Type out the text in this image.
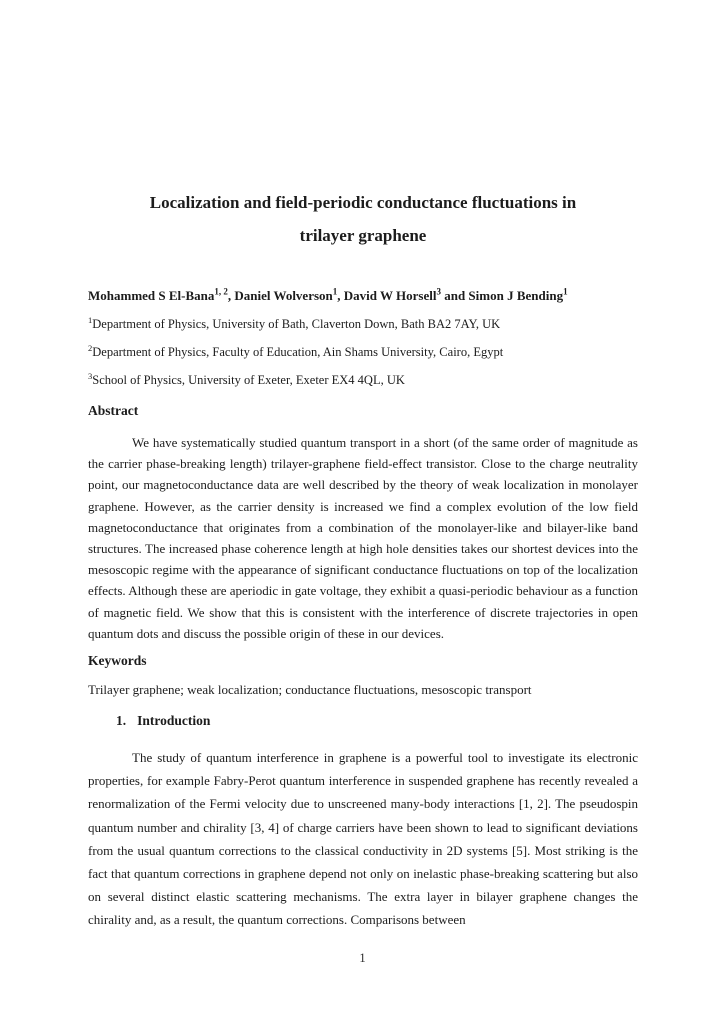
Localization and field-periodic conductance fluctuations in
trilayer graphene

Mohammed S El-Bana$^{1, 2}$, Daniel Wolverson$^1$, David W Horsell$^3$ and Simon J Bending$^1$

$^1$Department of Physics, University of Bath, Claverton Down, Bath BA2 7AY, UK

$^2$Department of Physics, Faculty of Education, Ain Shams University, Cairo, Egypt

$^3$School of Physics, University of Exeter, Exeter EX4 4QL, UK

Abstract

We have systematically studied quantum transport in a short (of the same order of magnitude as the carrier phase-breaking length) trilayer-graphene field-effect transistor. Close to the charge neutrality point, our magnetoconductance data are well described by the theory of weak localization in monolayer graphene. However, as the carrier density is increased we find a complex evolution of the low field magnetoconductance that originates from a combination of the monolayer-like and bilayer-like band structures. The increased phase coherence length at high hole densities takes our shortest devices into the mesoscopic regime with the appearance of significant conductance fluctuations on top of the localization effects. Although these are aperiodic in gate voltage, they exhibit a quasi-periodic behaviour as a function of magnetic field. We show that this is consistent with the interference of discrete trajectories in open quantum dots and discuss the possible origin of these in our devices.

Keywords

Trilayer graphene; weak localization; conductance fluctuations, mesoscopic transport

1. Introduction

The study of quantum interference in graphene is a powerful tool to investigate its electronic properties, for example Fabry-Perot quantum interference in suspended graphene has recently revealed a renormalization of the Fermi velocity due to unscreened many-body interactions [1, 2]. The pseudospin quantum number and chirality [3, 4] of charge carriers have been shown to lead to significant deviations from the usual quantum corrections to the classical conductivity in 2D systems [5]. Most striking is the fact that quantum corrections in graphene depend not only on inelastic phase-breaking scattering but also on several distinct elastic scattering mechanisms. The extra layer in bilayer graphene changes the chirality and, as a result, the quantum corrections. Comparisons between

1
